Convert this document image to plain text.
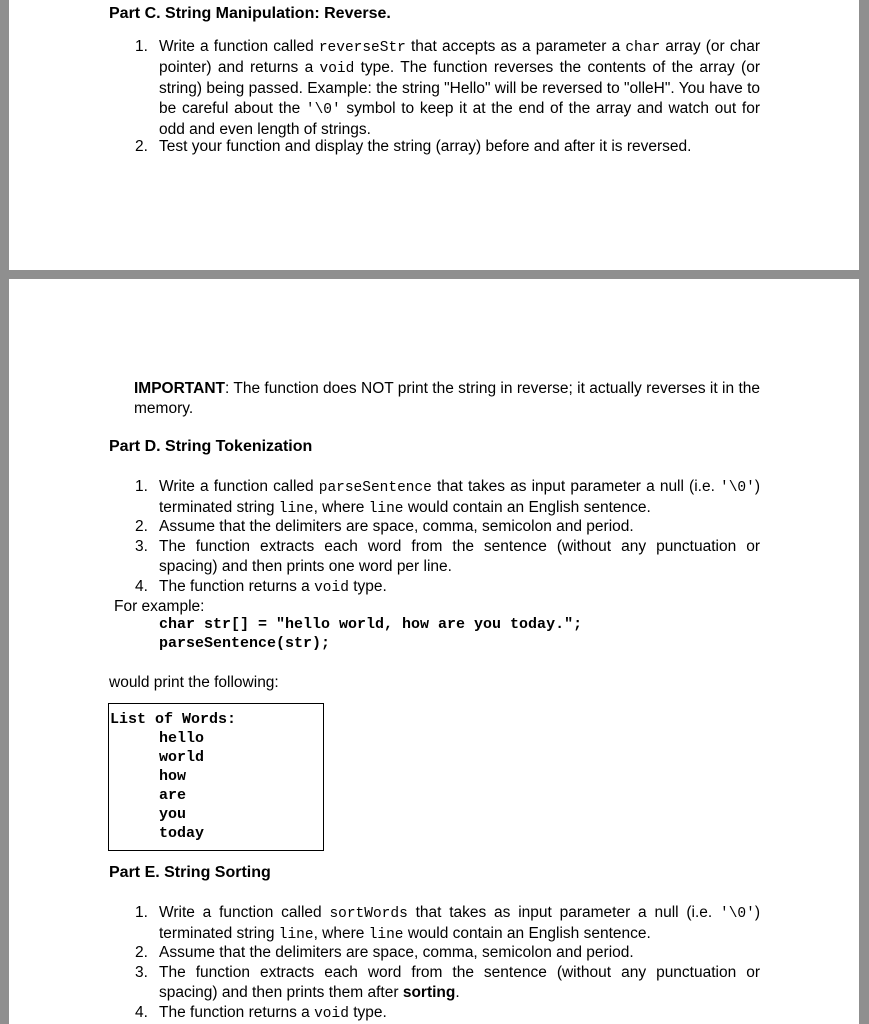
Part C. String Manipulation: Reverse.
1. Write a function called reverseStr that accepts as a parameter a char array (or char pointer) and returns a void type. The function reverses the contents of the array (or string) being passed. Example: the string "Hello" will be reversed to "olleH". You have to be careful about the '\0' symbol to keep it at the end of the array and watch out for odd and even length of strings.
2. Test your function and display the string (array) before and after it is reversed.
IMPORTANT: The function does NOT print the string in reverse; it actually reverses it in the memory.
Part D. String Tokenization
1. Write a function called parseSentence that takes as input parameter a null (i.e. '\0') terminated string line, where line would contain an English sentence.
2. Assume that the delimiters are space, comma, semicolon and period.
3. The function extracts each word from the sentence (without any punctuation or spacing) and then prints one word per line.
4. The function returns a void type.
For example:
char str[] = "hello world, how are you today.";
parseSentence(str);
would print the following:
List of Words:
hello
world
how
are
you
today
Part E. String Sorting
1. Write a function called sortWords that takes as input parameter a null (i.e. '\0') terminated string line, where line would contain an English sentence.
2. Assume that the delimiters are space, comma, semicolon and period.
3. The function extracts each word from the sentence (without any punctuation or spacing) and then prints them after sorting.
4. The function returns a void type.
